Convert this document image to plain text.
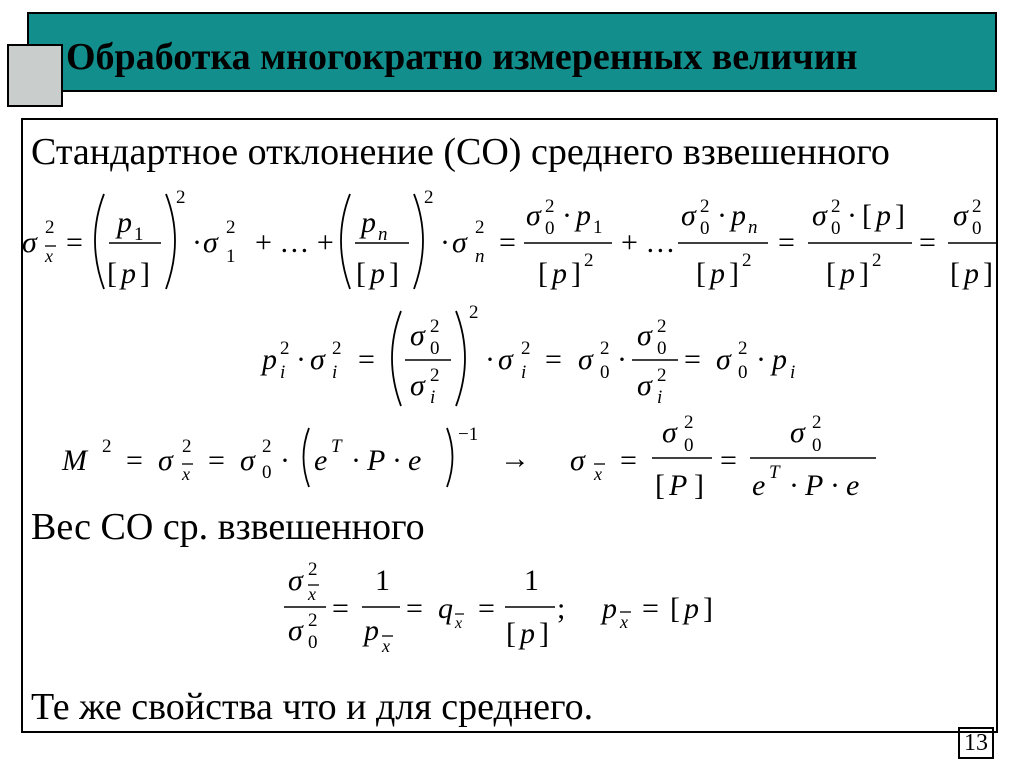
Обработка многократно измеренных величин
Стандартное отклонение (СО) среднего взвешенного
Вес СО ср. взвешенного
Те же свойства что и для среднего.
13
σ 2
x =
p 1
[ p ]
2
· σ 2
1 + … +
p n
[ p ]
2
· σ 2
n =
σ 2
0 · p 1
[ p ] 2
+ …
σ 2
0 · p n
[ p ] 2
=
σ 2
0 · [ p ]
[ p ] 2
=
σ 2
0
[ p ]
p 2
i · σ 2
i =
σ 2
0
σ 2
i
2
· σ 2
i = σ 2
0 ·
σ 2
0
σ 2
i
= σ 2
0 · p i
M 2 = σ 2
x = σ 2
0 · e T · P · e
−1
→ σ x =
σ 2
0
[ P ]
=
σ 2
0
e T · P · e
σ 2
x
σ 2
0
=
1
p x
= q x =
1
[ p ]
; p x = [ p ]
